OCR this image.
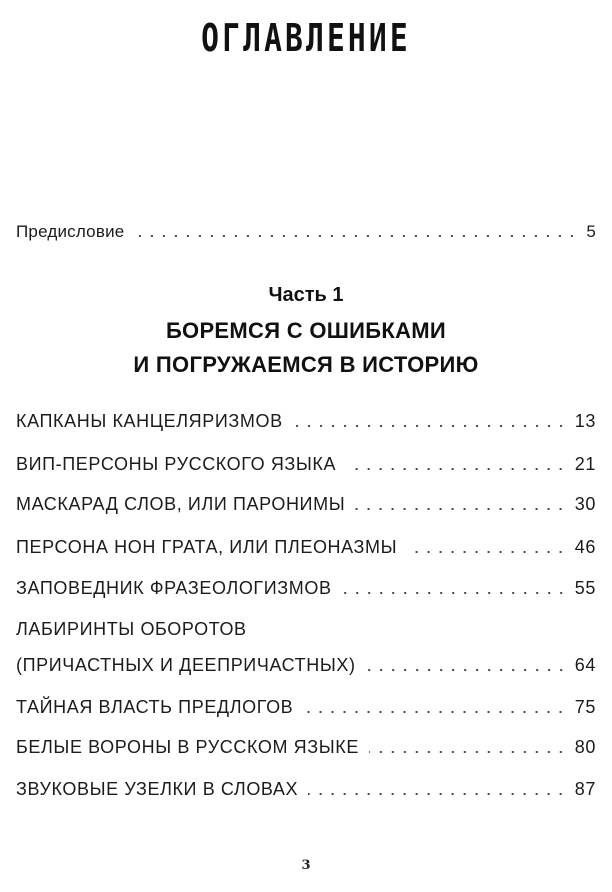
ОГЛАВЛЕНИЕ
Предисловие	5
Часть 1
БОРЕМСЯ С ОШИБКАМИ
И ПОГРУЖАЕМСЯ В ИСТОРИЮ
КАПКАНЫ КАНЦЕЛЯРИЗМОВ	13
ВИП-ПЕРСОНЫ РУССКОГО ЯЗЫКА	21
МАСКАРАД СЛОВ, ИЛИ ПАРОНИМЫ	30
ПЕРСОНА НОН ГРАТА, ИЛИ ПЛЕОНАЗМЫ	46
ЗАПОВЕДНИК ФРАЗЕОЛОГИЗМОВ	55
ЛАБИРИНТЫ ОБОРОТОВ
(ПРИЧАСТНЫХ И ДЕЕПРИЧАСТНЫХ)	64
ТАЙНАЯ ВЛАСТЬ ПРЕДЛОГОВ	75
БЕЛЫЕ ВОРОНЫ В РУССКОМ ЯЗЫКЕ	80
ЗВУКОВЫЕ УЗЕЛКИ В СЛОВАХ	87
3
